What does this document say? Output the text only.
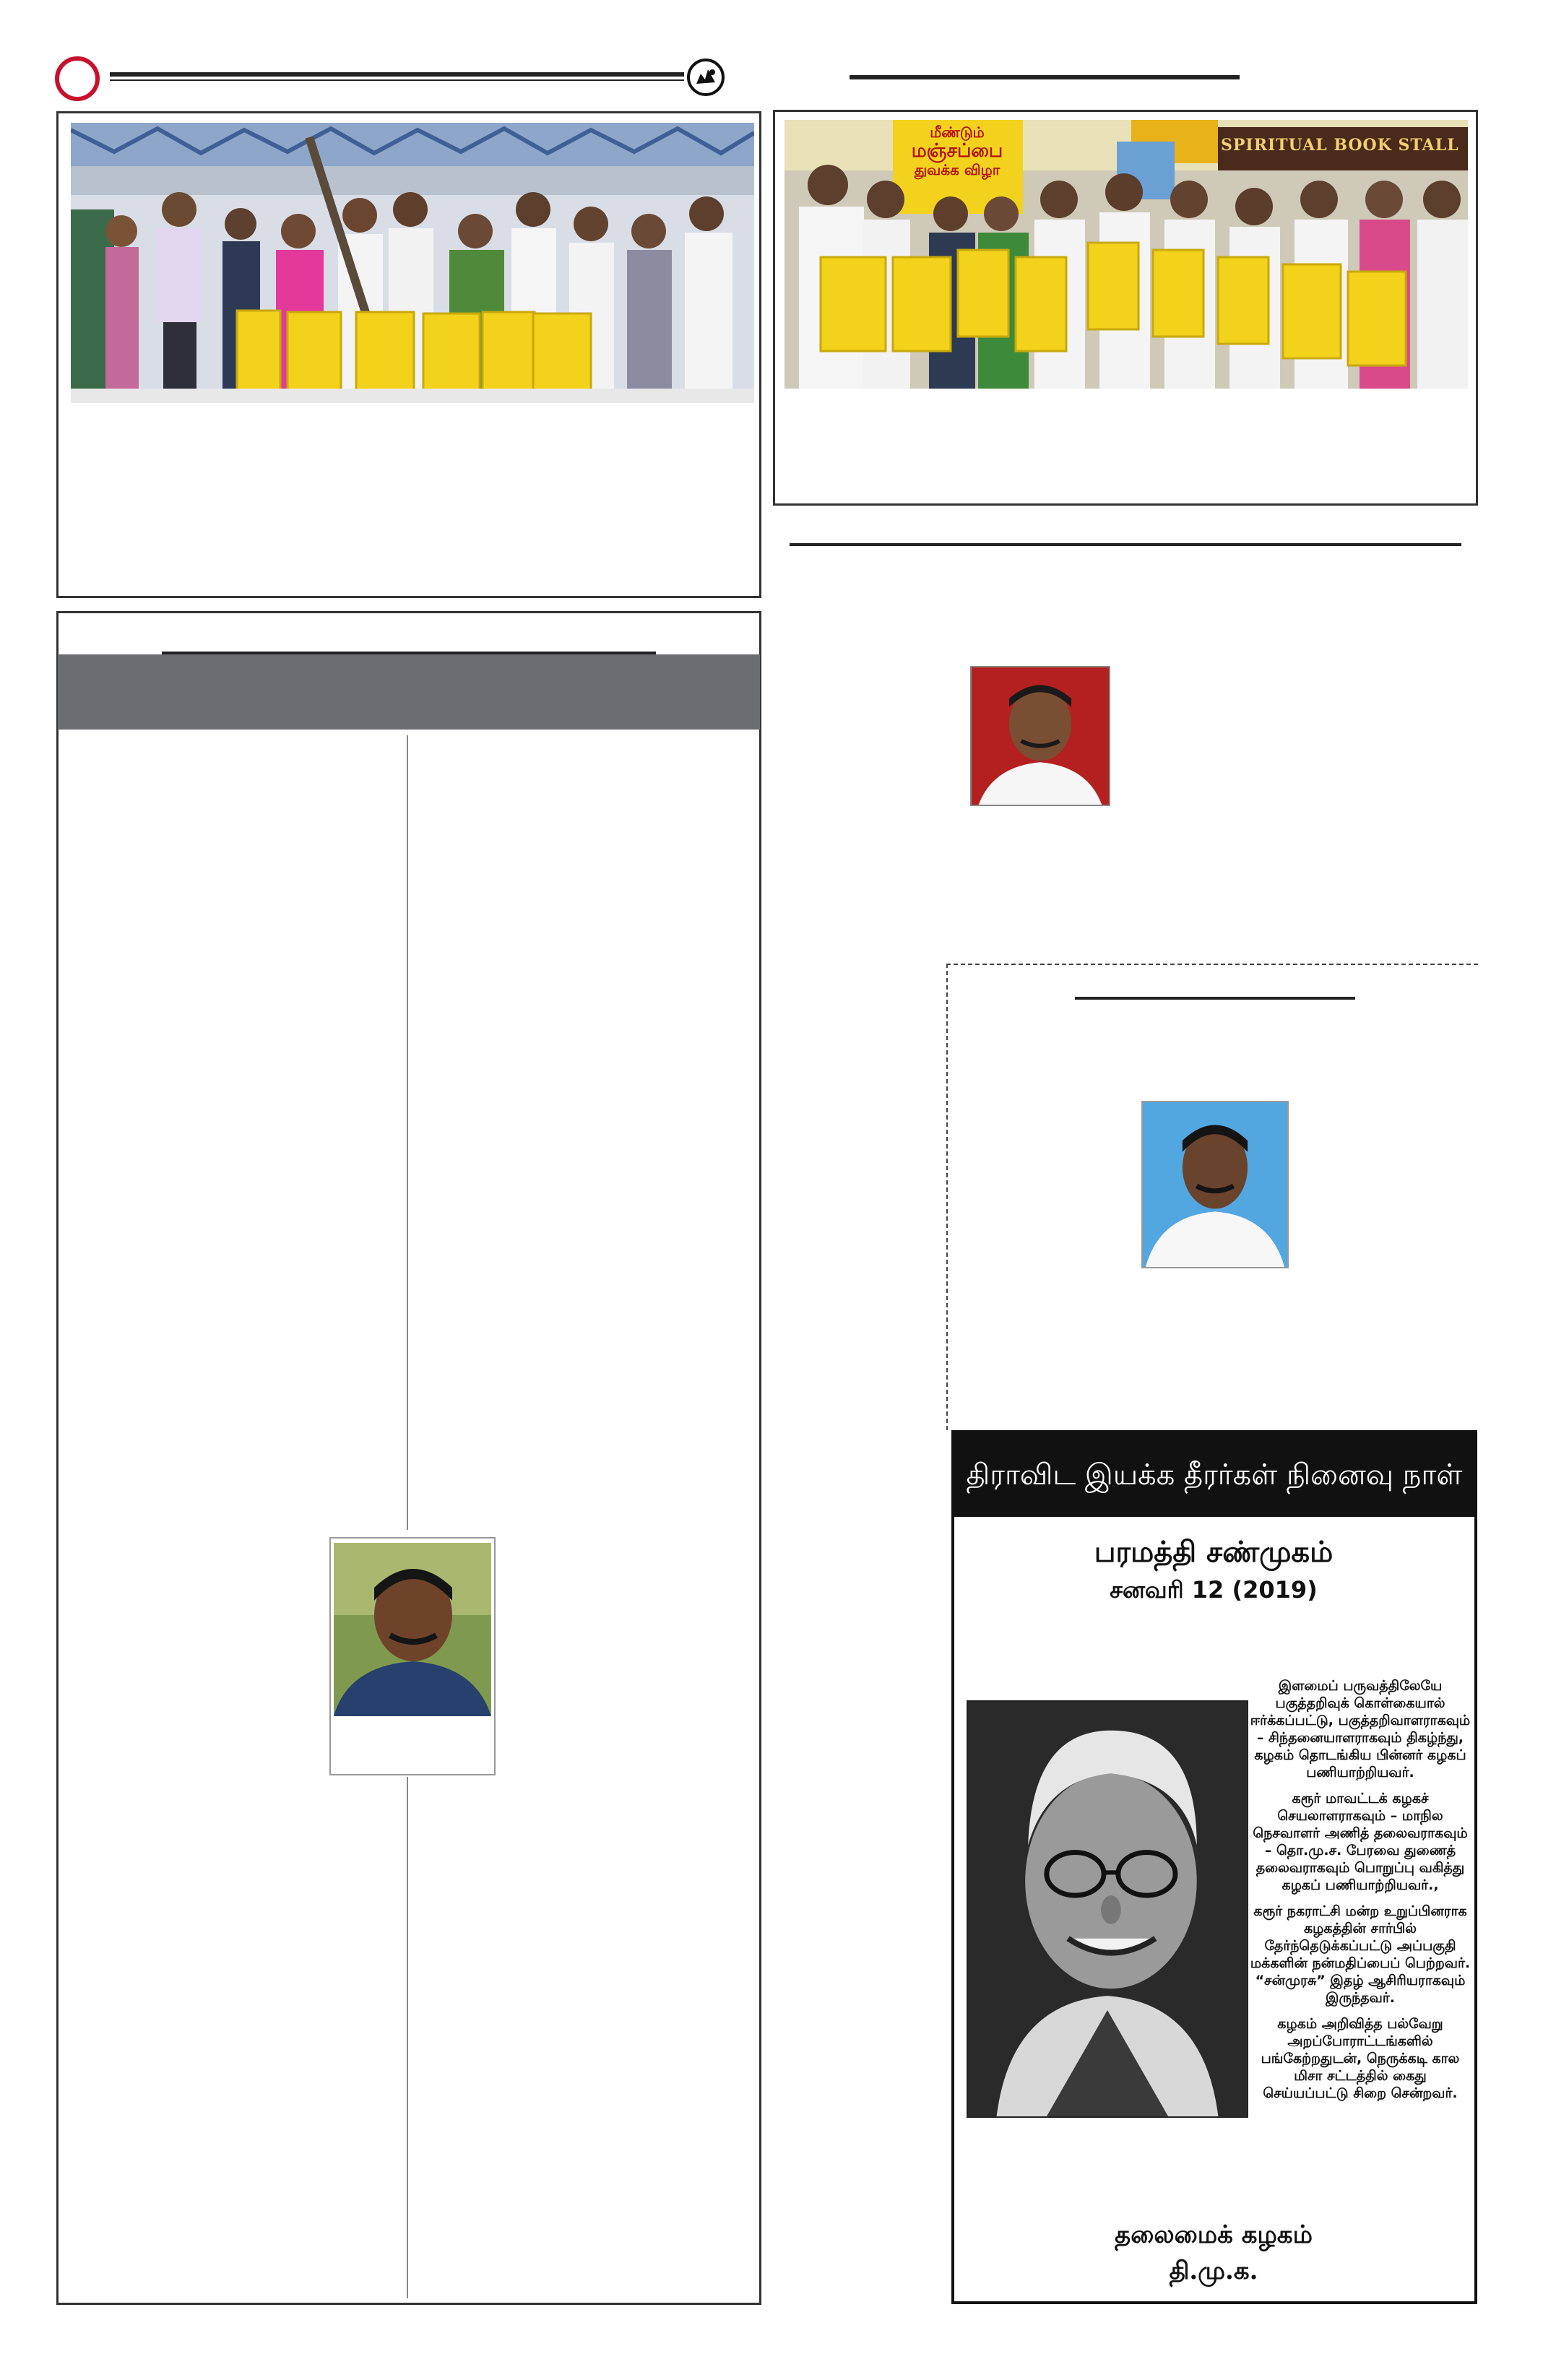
மீண்டும்
மஞ்சப்பை
துவக்க விழா
SPIRITUAL BOOK STALL
திராவிட இயக்க தீரர்கள் நினைவு நாள்
பரமத்தி சண்முகம்
சனவரி 12 (2019)

இளமைப் பருவத்திலேயே பகுத்தறிவுக் கொள்கையால் ஈர்க்கப்பட்டு, பகுத்தறிவாளராகவும் – சிந்தனையாளராகவும் திகழ்ந்து, கழகம் தொடங்கிய பின்னர் கழகப் பணியாற்றியவர்.

கரூர் மாவட்டக் கழகச் செயலாளராகவும் – மாநில நெசவாளர் அணித் தலைவராகவும் – தொ.மு.ச. பேரவை துணைத் தலைவராகவும் பொறுப்பு வகித்து கழகப் பணியாற்றியவர்.,

கரூர் நகராட்சி மன்ற உறுப்பினராக கழகத்தின் சார்பில் தேர்ந்தெடுக்கப்பட்டு அப்பகுதி மக்களின் நன்மதிப்பைப் பெற்றவர். “சன்முரசு” இதழ் ஆசிரியராகவும் இருந்தவர்.

கழகம் அறிவித்த பல்வேறு அறப்போராட்டங்களில் பங்கேற்றதுடன், நெருக்கடி கால மிசா சட்டத்தில் கைது செய்யப்பட்டு சிறை சென்றவர்.

தலைமைக் கழகம்
தி.மு.க.
